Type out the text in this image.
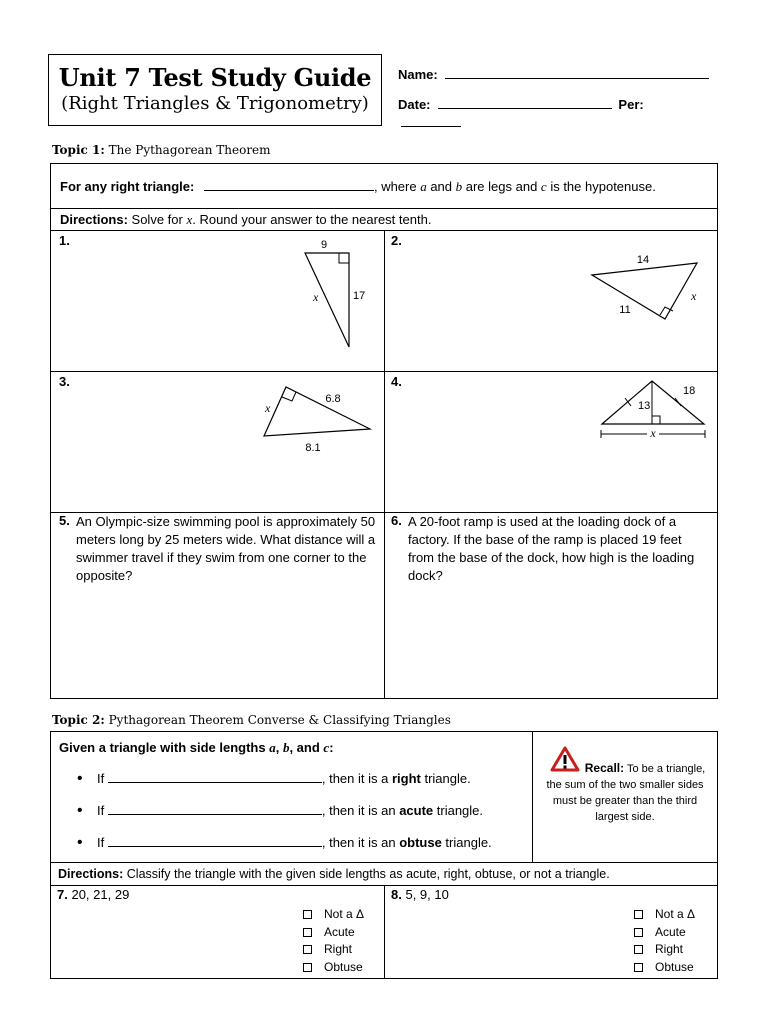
Unit 7 Test Study Guide
(Right Triangles & Trigonometry)
Name:
Date:	Per:
Topic 1: The Pythagorean Theorem
For any right triangle:	, where a and b are legs and c is the hypotenuse.
Directions: Solve for x. Round your answer to the nearest tenth.
1.	9
x	17
2.
14
11
x
3.
x
6.8
8.1
4.
18
13
x
5. An Olympic-size swimming pool is approximately 50 meters long by 25 meters wide. What distance will a swimmer travel if they swim from one corner to the opposite?
6. A 20-foot ramp is used at the loading dock of a factory. If the base of the ramp is placed 19 feet from the base of the dock, how high is the loading dock?
Topic 2: Pythagorean Theorem Converse & Classifying Triangles
Given a triangle with side lengths a, b, and c:
• If	, then it is a right triangle.
• If	, then it is an acute triangle.
• If	, then it is an obtuse triangle.
Recall: To be a triangle, the sum of the two smaller sides must be greater than the third largest side.
Directions: Classify the triangle with the given side lengths as acute, right, obtuse, or not a triangle.
7. 20, 21, 29
Not a Δ
Acute
Right
Obtuse
8. 5, 9, 10
Not a Δ
Acute
Right
Obtuse
